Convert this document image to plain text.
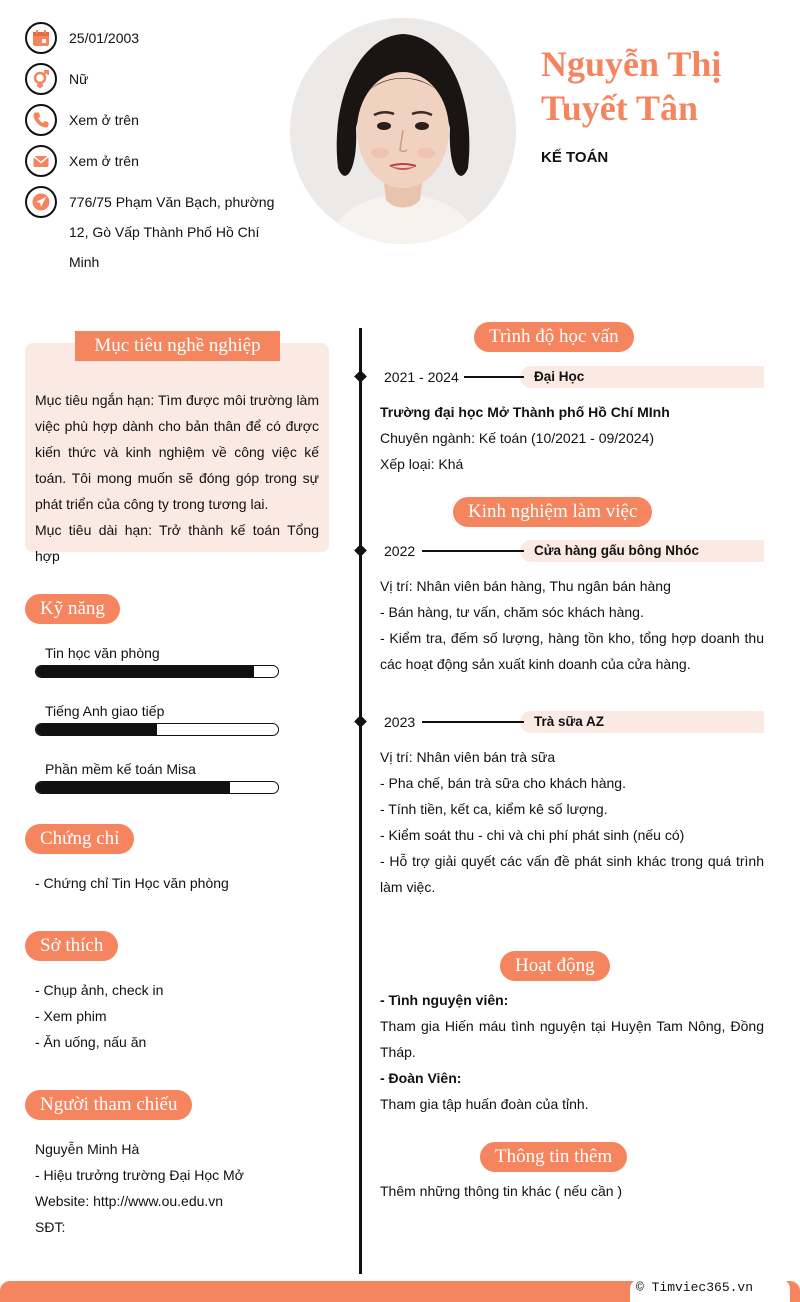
25/01/2003
Nữ
Xem ở trên
Xem ở trên
776/75 Phạm Văn Bạch, phường
12, Gò Vấp Thành Phố Hồ Chí
Minh
Nguyễn Thị
Tuyết Tân
KẾ TOÁN
Mục tiêu nghề nghiệp
Mục tiêu ngắn hạn: Tìm được môi trường làm việc phù hợp dành cho bản thân để có được kiến thức và kinh nghiệm về công việc kế toán. Tôi mong muốn sẽ đóng góp trong sự phát triển của công ty trong tương lai.
Mục tiêu dài hạn: Trở thành kế toán Tổng hợp
Kỹ năng
Tin học văn phòng
Tiếng Anh giao tiếp
Phần mềm kế toán Misa
Chứng chỉ
- Chứng chỉ Tin Học văn phòng
Sở thích
- Chụp ảnh, check in
- Xem phim
- Ăn uống, nấu ăn
Người tham chiếu
Nguyễn Minh Hà
- Hiệu trưởng trường Đại Học Mở
Website: http://www.ou.edu.vn
SĐT:
Trình độ học vấn
2021 - 2024	Đại Học
Trường đại học Mở Thành phố Hồ Chí MInh
Chuyên ngành: Kế toán (10/2021 - 09/2024)
Xếp loại: Khá
Kinh nghiệm làm việc
2022	Cửa hàng gấu bông Nhóc
Vị trí: Nhân viên bán hàng, Thu ngân bán hàng
- Bán hàng, tư vấn, chăm sóc khách hàng.
- Kiểm tra, đếm số lượng, hàng tồn kho, tổng hợp doanh thu các hoạt động sản xuất kinh doanh của cửa hàng.
2023	Trà sữa AZ
Vị trí: Nhân viên bán trà sữa
- Pha chế, bán trà sữa cho khách hàng.
- Tính tiền, kết ca, kiểm kê số lượng.
- Kiểm soát thu - chi và chi phí phát sinh (nếu có)
- Hỗ trợ giải quyết các vấn đề phát sinh khác trong quá trình làm việc.
Hoạt động
- Tình nguyện viên:
Tham gia Hiến máu tình nguyện tại Huyện Tam Nông, Đồng Tháp.
- Đoàn Viên:
Tham gia tập huấn đoàn của tỉnh.
Thông tin thêm
Thêm những thông tin khác ( nếu cần )
© Timviec365.vn
